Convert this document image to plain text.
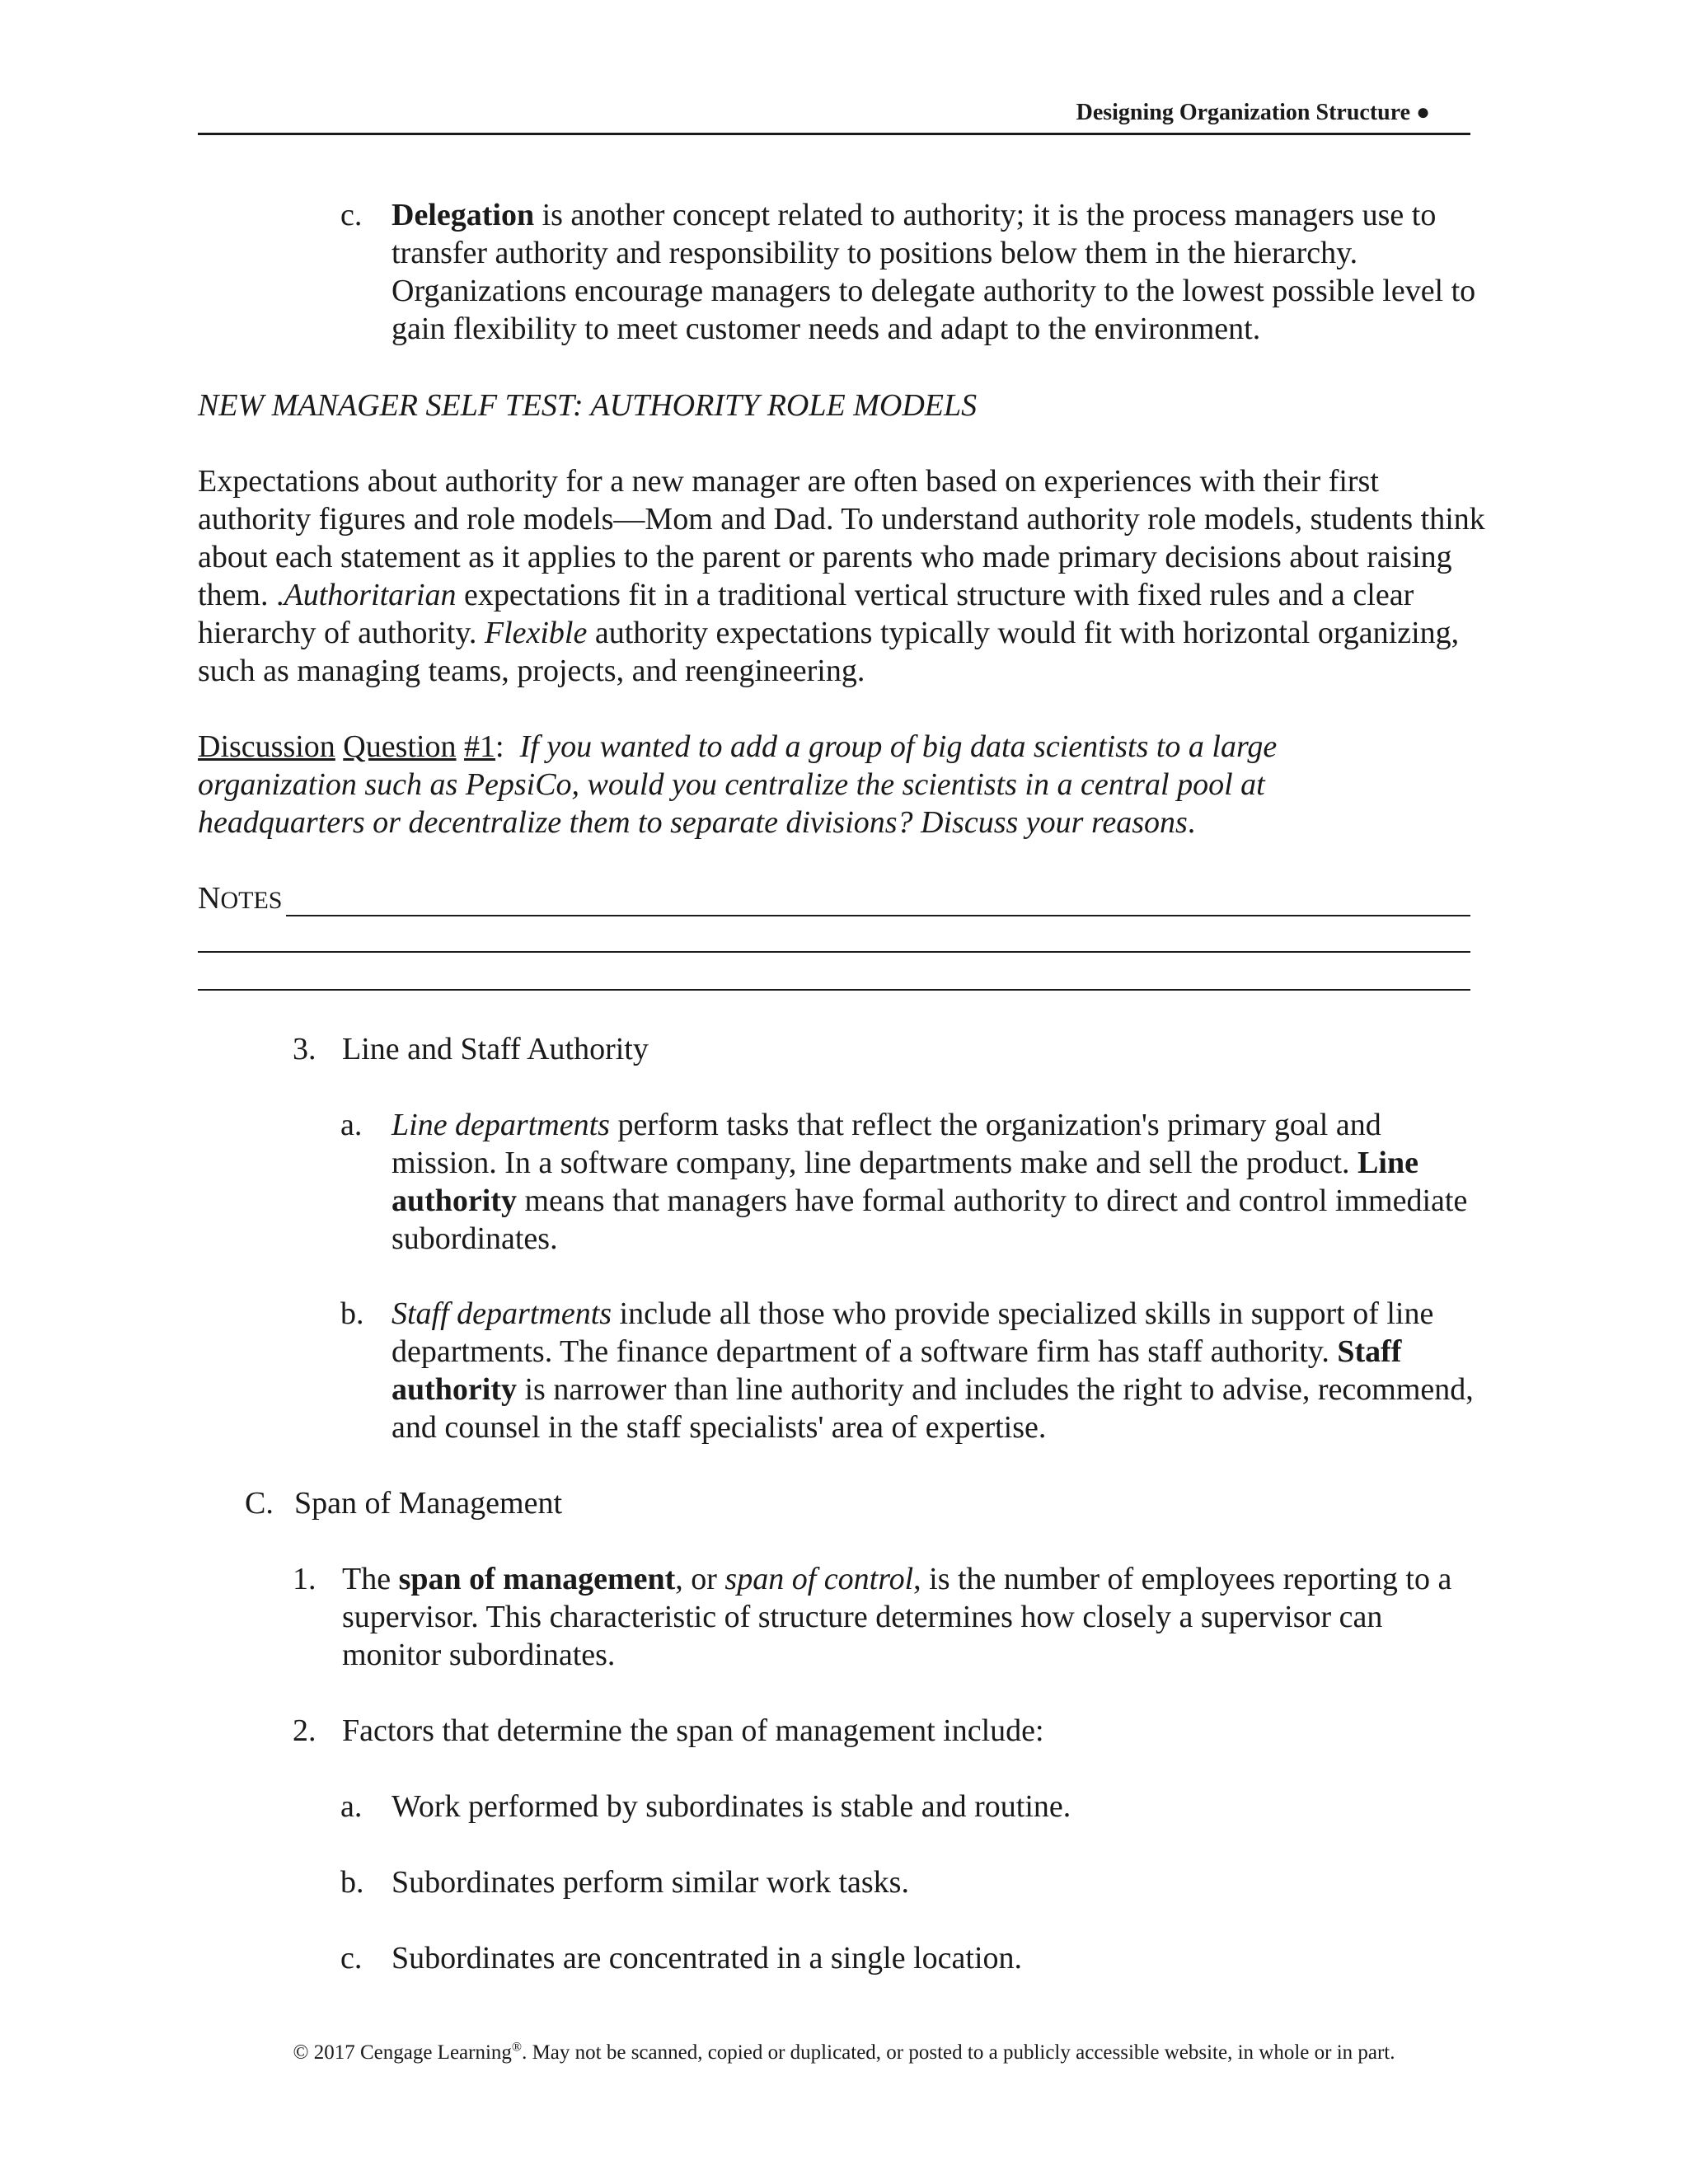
Designing Organization Structure ●
c. Delegation is another concept related to authority; it is the process managers use to transfer authority and responsibility to positions below them in the hierarchy. Organizations encourage managers to delegate authority to the lowest possible level to gain flexibility to meet customer needs and adapt to the environment.
NEW MANAGER SELF TEST: AUTHORITY ROLE MODELS
Expectations about authority for a new manager are often based on experiences with their first authority figures and role models—Mom and Dad. To understand authority role models, students think about each statement as it applies to the parent or parents who made primary decisions about raising them. .Authoritarian expectations fit in a traditional vertical structure with fixed rules and a clear hierarchy of authority. Flexible authority expectations typically would fit with horizontal organizing, such as managing teams, projects, and reengineering.
Discussion Question #1: If you wanted to add a group of big data scientists to a large organization such as PepsiCo, would you centralize the scientists in a central pool at headquarters or decentralize them to separate divisions? Discuss your reasons.
NOTES
3. Line and Staff Authority
a. Line departments perform tasks that reflect the organization's primary goal and mission. In a software company, line departments make and sell the product. Line authority means that managers have formal authority to direct and control immediate subordinates.
b. Staff departments include all those who provide specialized skills in support of line departments. The finance department of a software firm has staff authority. Staff authority is narrower than line authority and includes the right to advise, recommend, and counsel in the staff specialists' area of expertise.
C. Span of Management
1. The span of management, or span of control, is the number of employees reporting to a supervisor. This characteristic of structure determines how closely a supervisor can monitor subordinates.
2. Factors that determine the span of management include:
a. Work performed by subordinates is stable and routine.
b. Subordinates perform similar work tasks.
c. Subordinates are concentrated in a single location.
© 2017 Cengage Learning®. May not be scanned, copied or duplicated, or posted to a publicly accessible website, in whole or in part.
